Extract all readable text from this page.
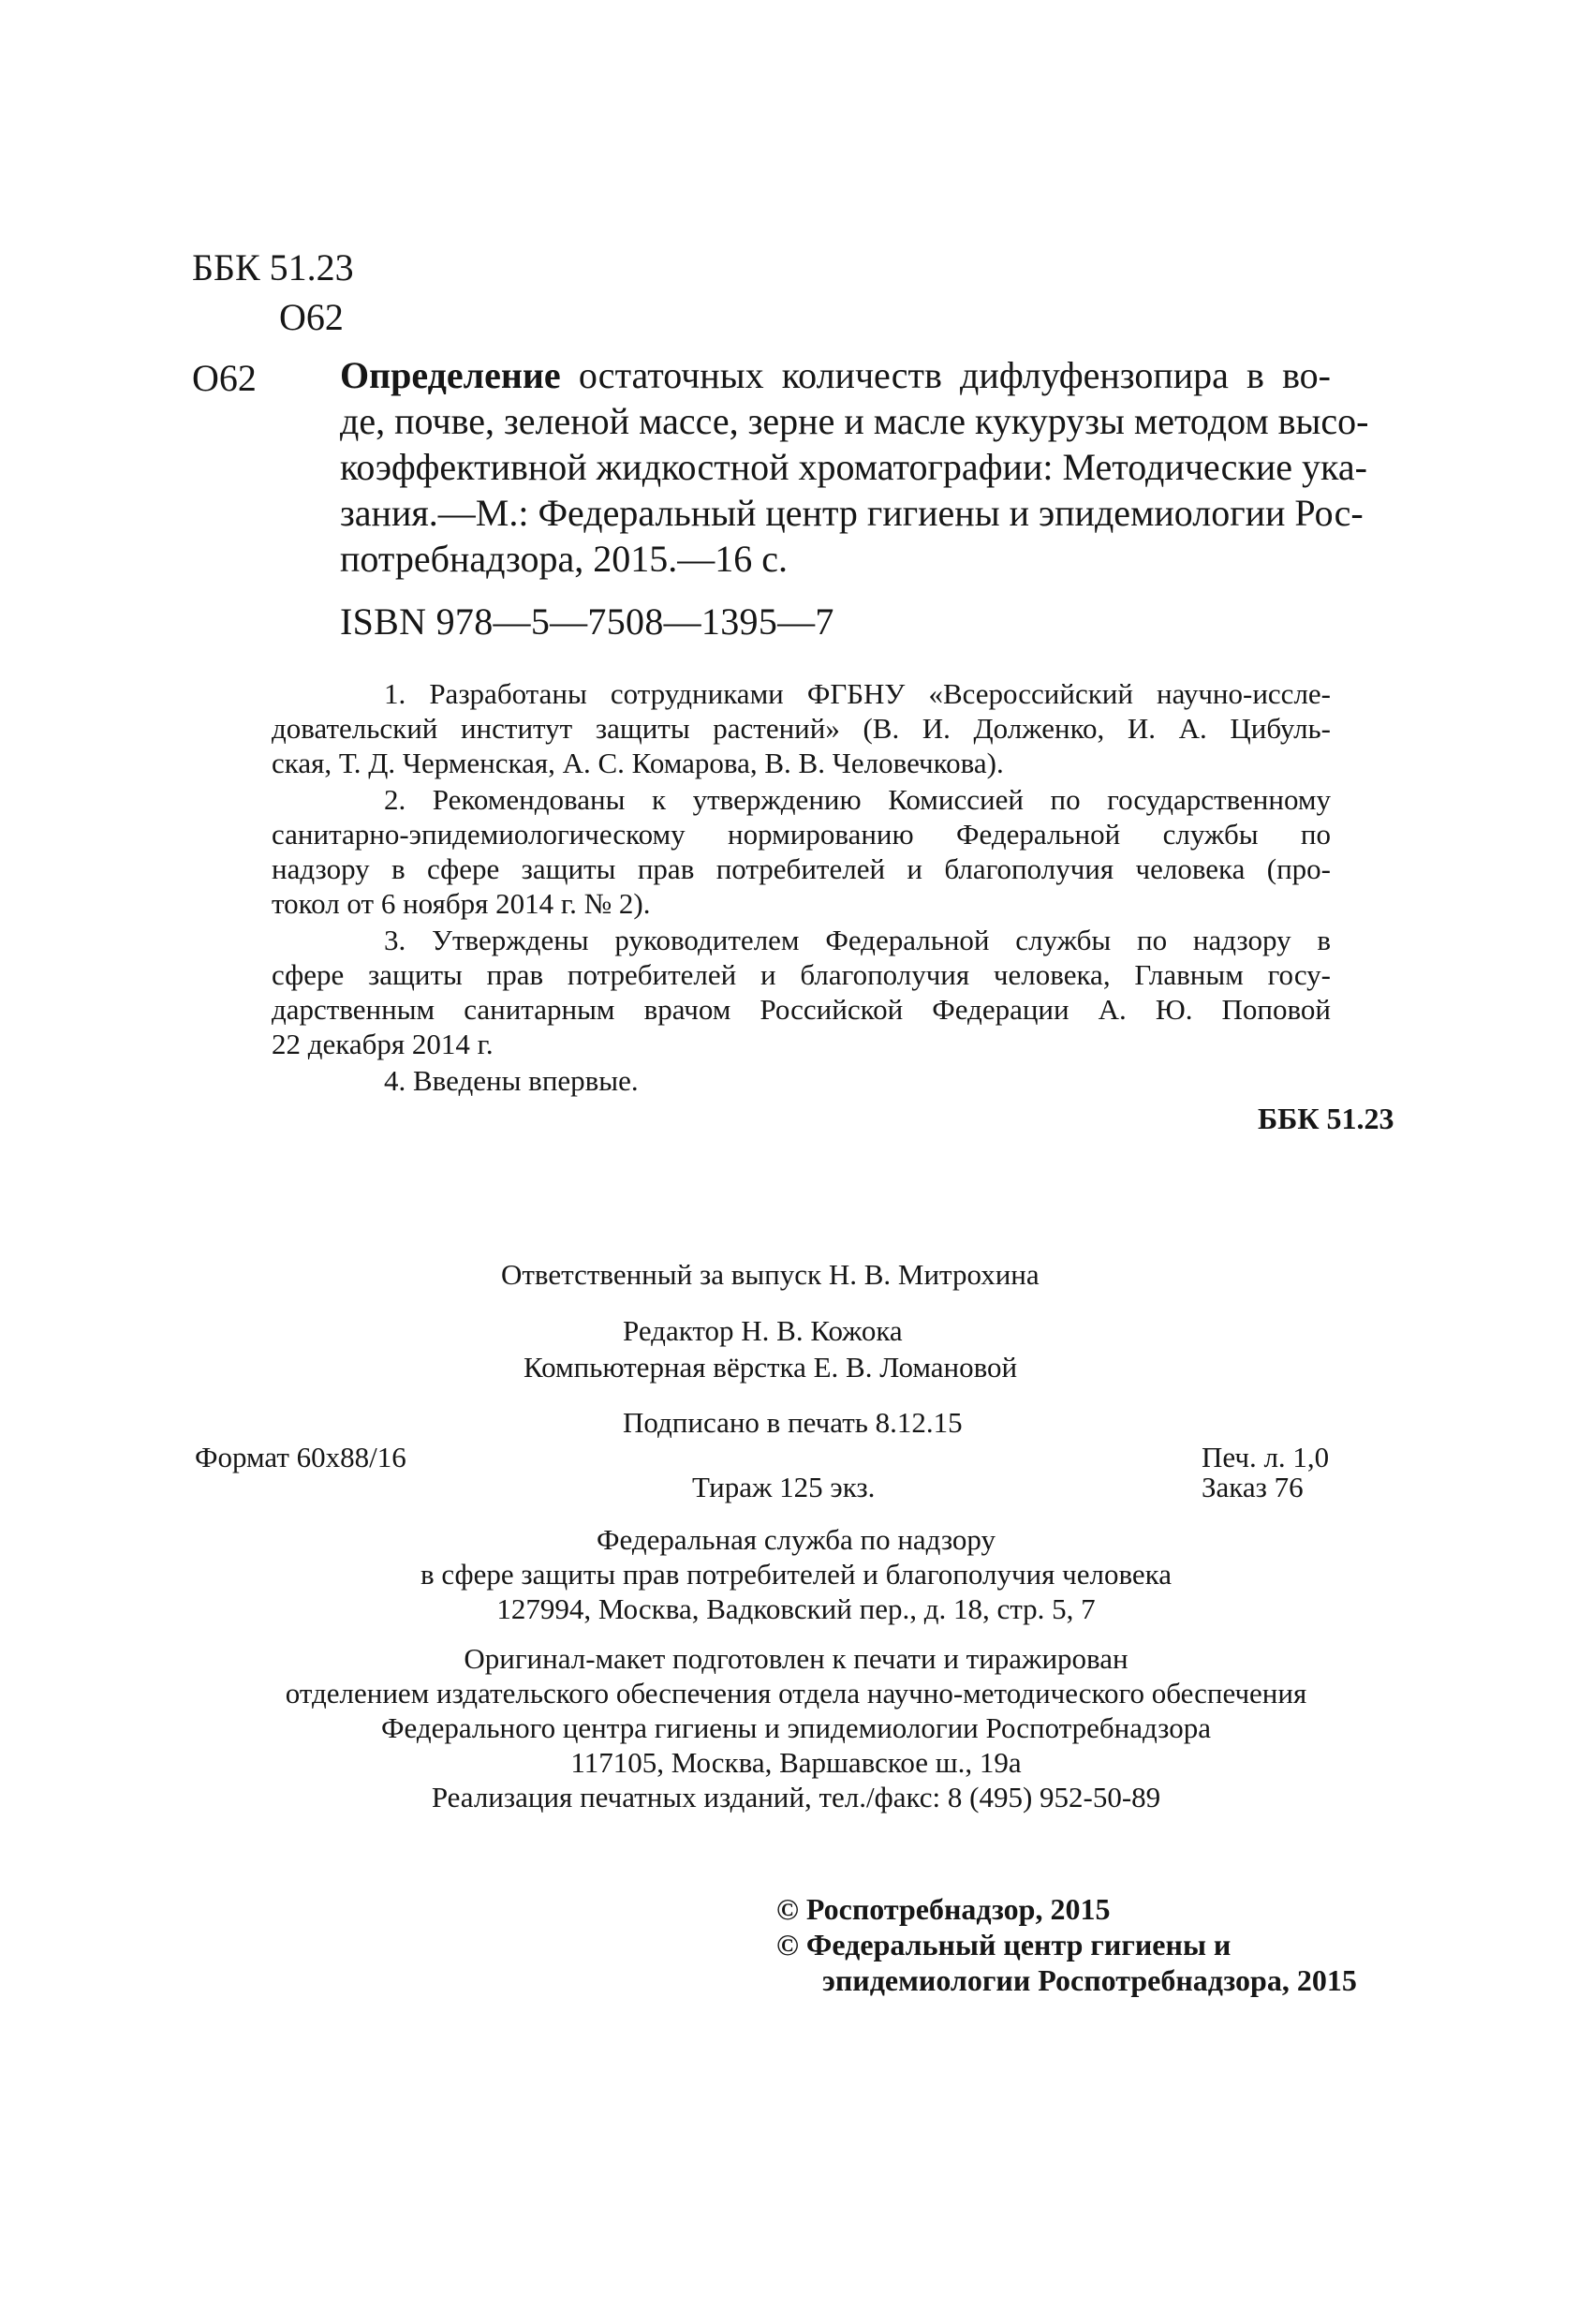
ББК 51.23
О62
О62 Определение остаточных количеств дифлуфензопира в во-
де, почве, зеленой массе, зерне и масле кукурузы методом высо-
коэффективной жидкостной хроматографии: Методические ука-
зания.—М.: Федеральный центр гигиены и эпидемиологии Рос-
потребнадзора, 2015.—16 с.
ISBN 978—5—7508—1395—7
1. Разработаны сотрудниками ФГБНУ «Всероссийский научно-иссле-
довательский институт защиты растений» (В. И. Долженко, И. А. Цибуль-
ская, Т. Д. Черменская, А. С. Комарова, В. В. Человечкова).
2. Рекомендованы к утверждению Комиссией по государственному
санитарно-эпидемиологическому нормированию Федеральной службы по
надзору в сфере защиты прав потребителей и благополучия человека (про-
токол от 6 ноября 2014 г. № 2).
3. Утверждены руководителем Федеральной службы по надзору в
сфере защиты прав потребителей и благополучия человека, Главным госу-
дарственным санитарным врачом Российской Федерации А. Ю. Поповой
22 декабря 2014 г.
4. Введены впервые.
ББК 51.23
Ответственный за выпуск Н. В. Митрохина
Редактор Н. В. Кожока
Компьютерная вёрстка Е. В. Ломановой
Подписано в печать 8.12.15
Формат 60х88/16	Печ. л. 1,0
Тираж 125 экз.	Заказ 76
Федеральная служба по надзору
в сфере защиты прав потребителей и благополучия человека
127994, Москва, Вадковский пер., д. 18, стр. 5, 7
Оригинал-макет подготовлен к печати и тиражирован
отделением издательского обеспечения отдела научно-методического обеспечения
Федерального центра гигиены и эпидемиологии Роспотребнадзора
117105, Москва, Варшавское ш., 19а
Реализация печатных изданий, тел./факс: 8 (495) 952-50-89
© Роспотребнадзор, 2015
© Федеральный центр гигиены и
эпидемиологии Роспотребнадзора, 2015
